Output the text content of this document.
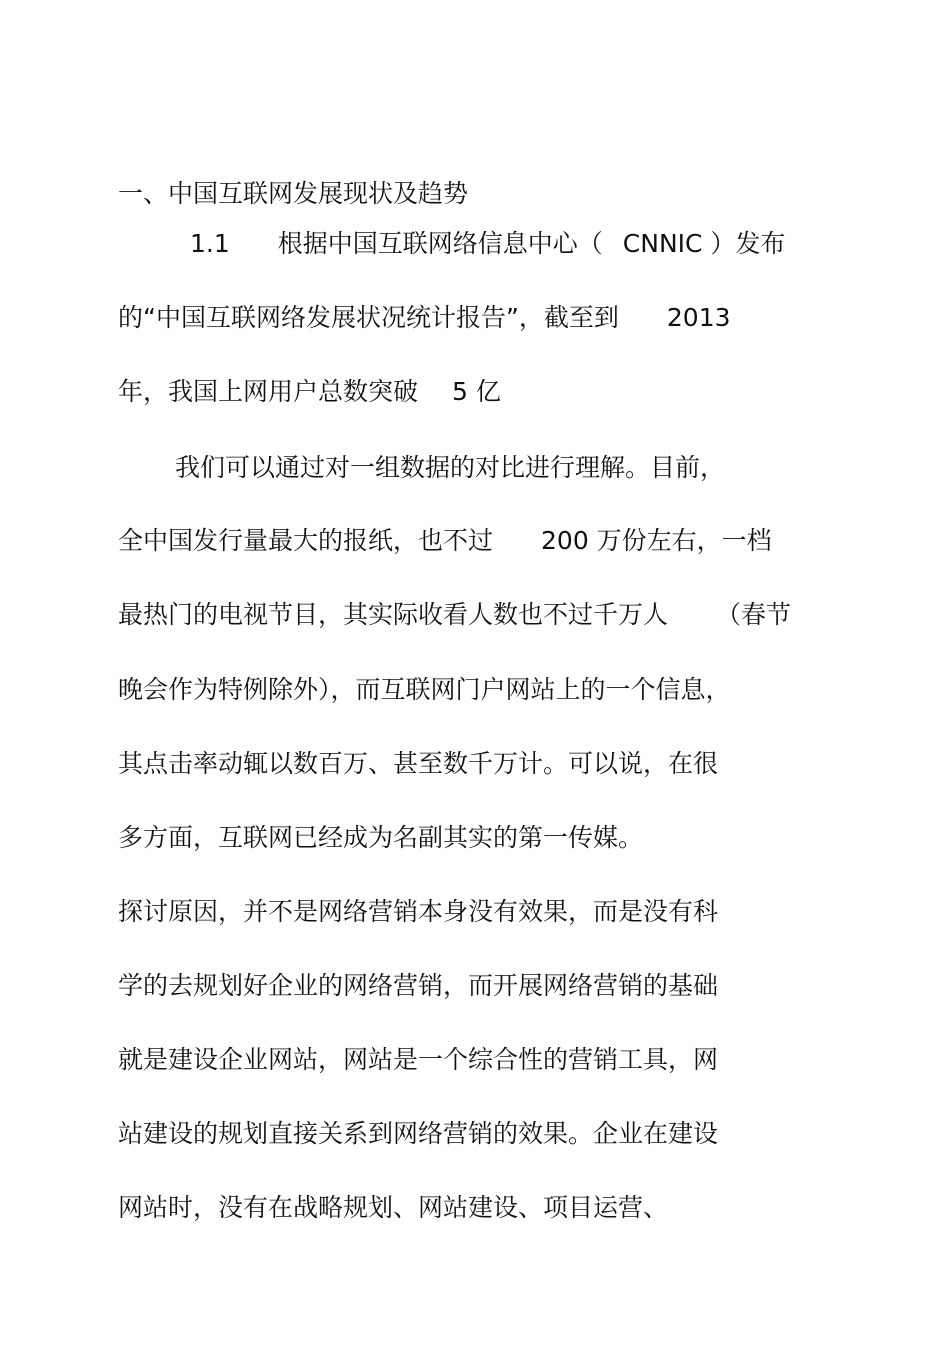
一、中国互联网发展现状及趋势
1.1 根据中国互联网络信息中心（ CNNIC ）发布
的“中国互联网络发展状况统计报告”，截至到 2013
年，我国上网用户总数突破 5 亿
我们可以通过对一组数据的对比进行理解。目前，
全中国发行量最大的报纸，也不过 200 万份左右，一档
最热门的电视节目，其实际收看人数也不过千万人 （春节
晚会作为特例除外），而互联网门户网站上的一个信息，
其点击率动辄以数百万、甚至数千万计。可以说，在很
多方面，互联网已经成为名副其实的第一传媒。
探讨原因，并不是网络营销本身没有效果，而是没有科
学的去规划好企业的网络营销，而开展网络营销的基础
就是建设企业网站，网站是一个综合性的营销工具，网
站建设的规划直接关系到网络营销的效果。企业在建设
网站时，没有在战略规划、网站建设、项目运营、
